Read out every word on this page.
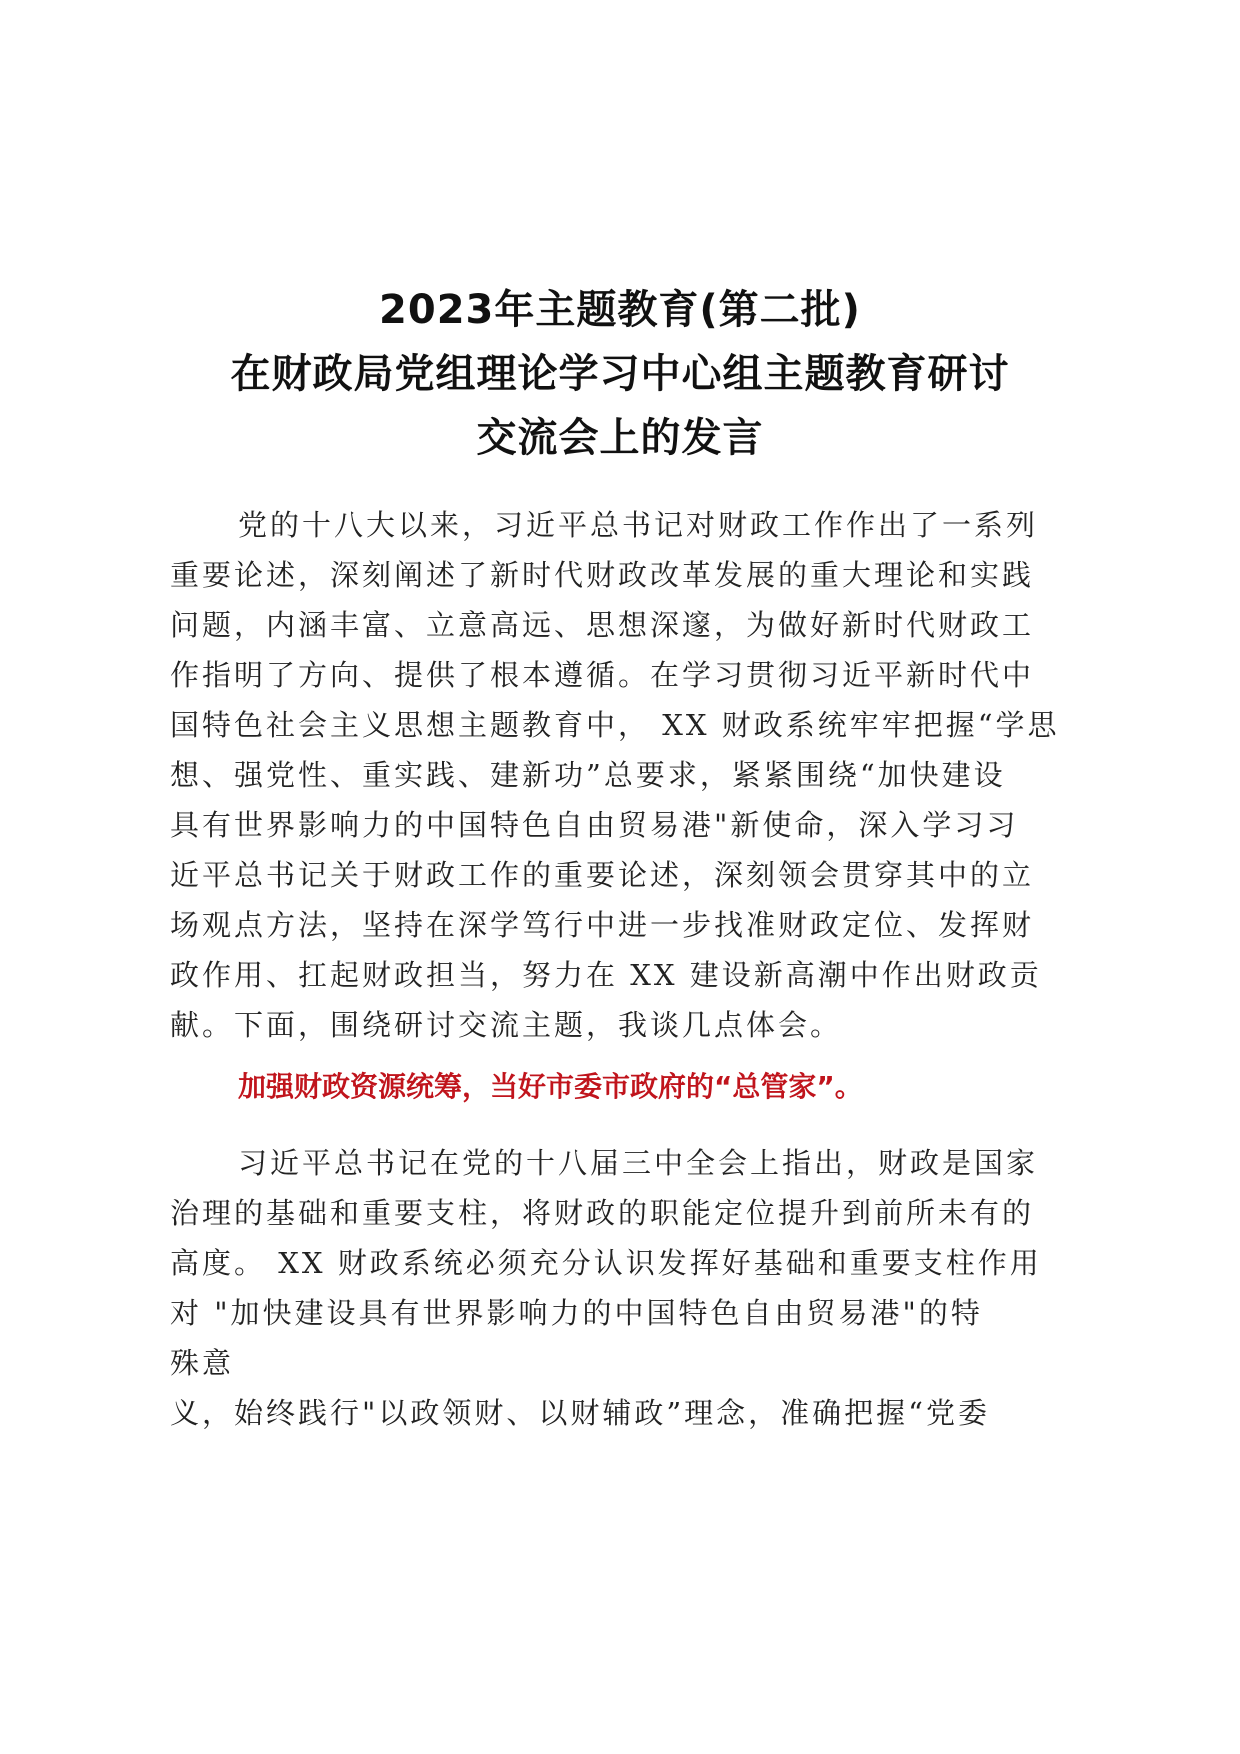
2023年主题教育(第二批)
在财政局党组理论学习中心组主题教育研讨
交流会上的发言
党的十八大以来，习近平总书记对财政工作作出了一系列
重要论述，深刻阐述了新时代财政改革发展的重大理论和实践
问题，内涵丰富、立意高远、思想深邃，为做好新时代财政工
作指明了方向、提供了根本遵循。在学习贯彻习近平新时代中
国特色社会主义思想主题教育中， XX 财政系统牢牢把握“学思
想、强党性、重实践、建新功”总要求，紧紧围绕“加快建设
具有世界影响力的中国特色自由贸易港"新使命，深入学习习
近平总书记关于财政工作的重要论述，深刻领会贯穿其中的立
场观点方法，坚持在深学笃行中进一步找准财政定位、发挥财
政作用、扛起财政担当，努力在 XX 建设新高潮中作出财政贡
献。下面，围绕研讨交流主题，我谈几点体会。

加强财政资源统筹，当好市委市政府的“总管家”。

习近平总书记在党的十八届三中全会上指出，财政是国家
治理的基础和重要支柱，将财政的职能定位提升到前所未有的
高度。 XX 财政系统必须充分认识发挥好基础和重要支柱作用
对 "加快建设具有世界影响力的中国特色自由贸易港"的特
殊意
义，始终践行"以政领财、以财辅政”理念，准确把握“党委
